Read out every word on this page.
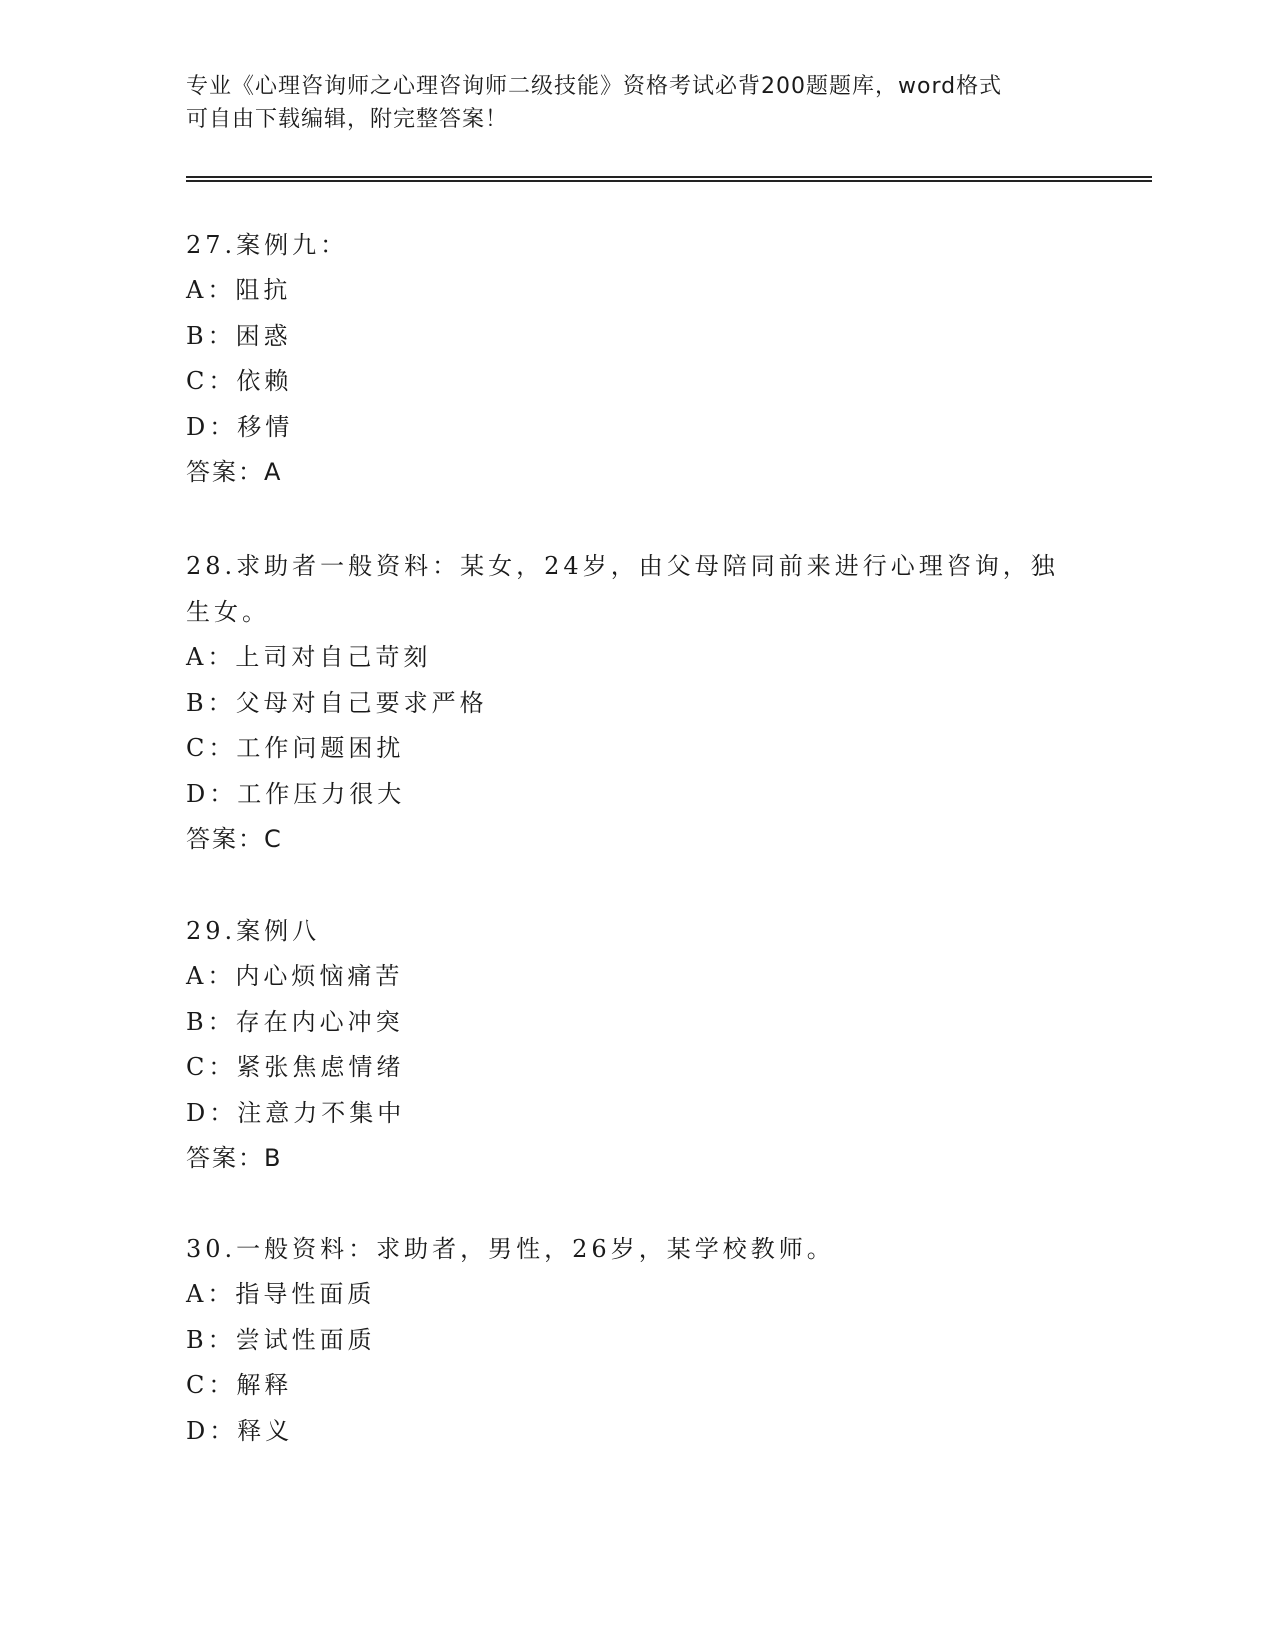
专业《心理咨询师之心理咨询师二级技能》资格考试必背200题题库，word格式
可自由下载编辑，附完整答案！

27.案例九：

A：阻抗

B：困惑

C：依赖

D：移情

答案：A

28.求助者一般资料：某女，24岁，由父母陪同前来进行心理咨询，独

生女。

A：上司对自己苛刻

B：父母对自己要求严格

C：工作问题困扰

D：工作压力很大

答案：C

29.案例八

A：内心烦恼痛苦

B：存在内心冲突

C：紧张焦虑情绪

D：注意力不集中

答案：B

30.一般资料：求助者，男性，26岁，某学校教师。

A：指导性面质

B：尝试性面质

C：解释

D：释义
